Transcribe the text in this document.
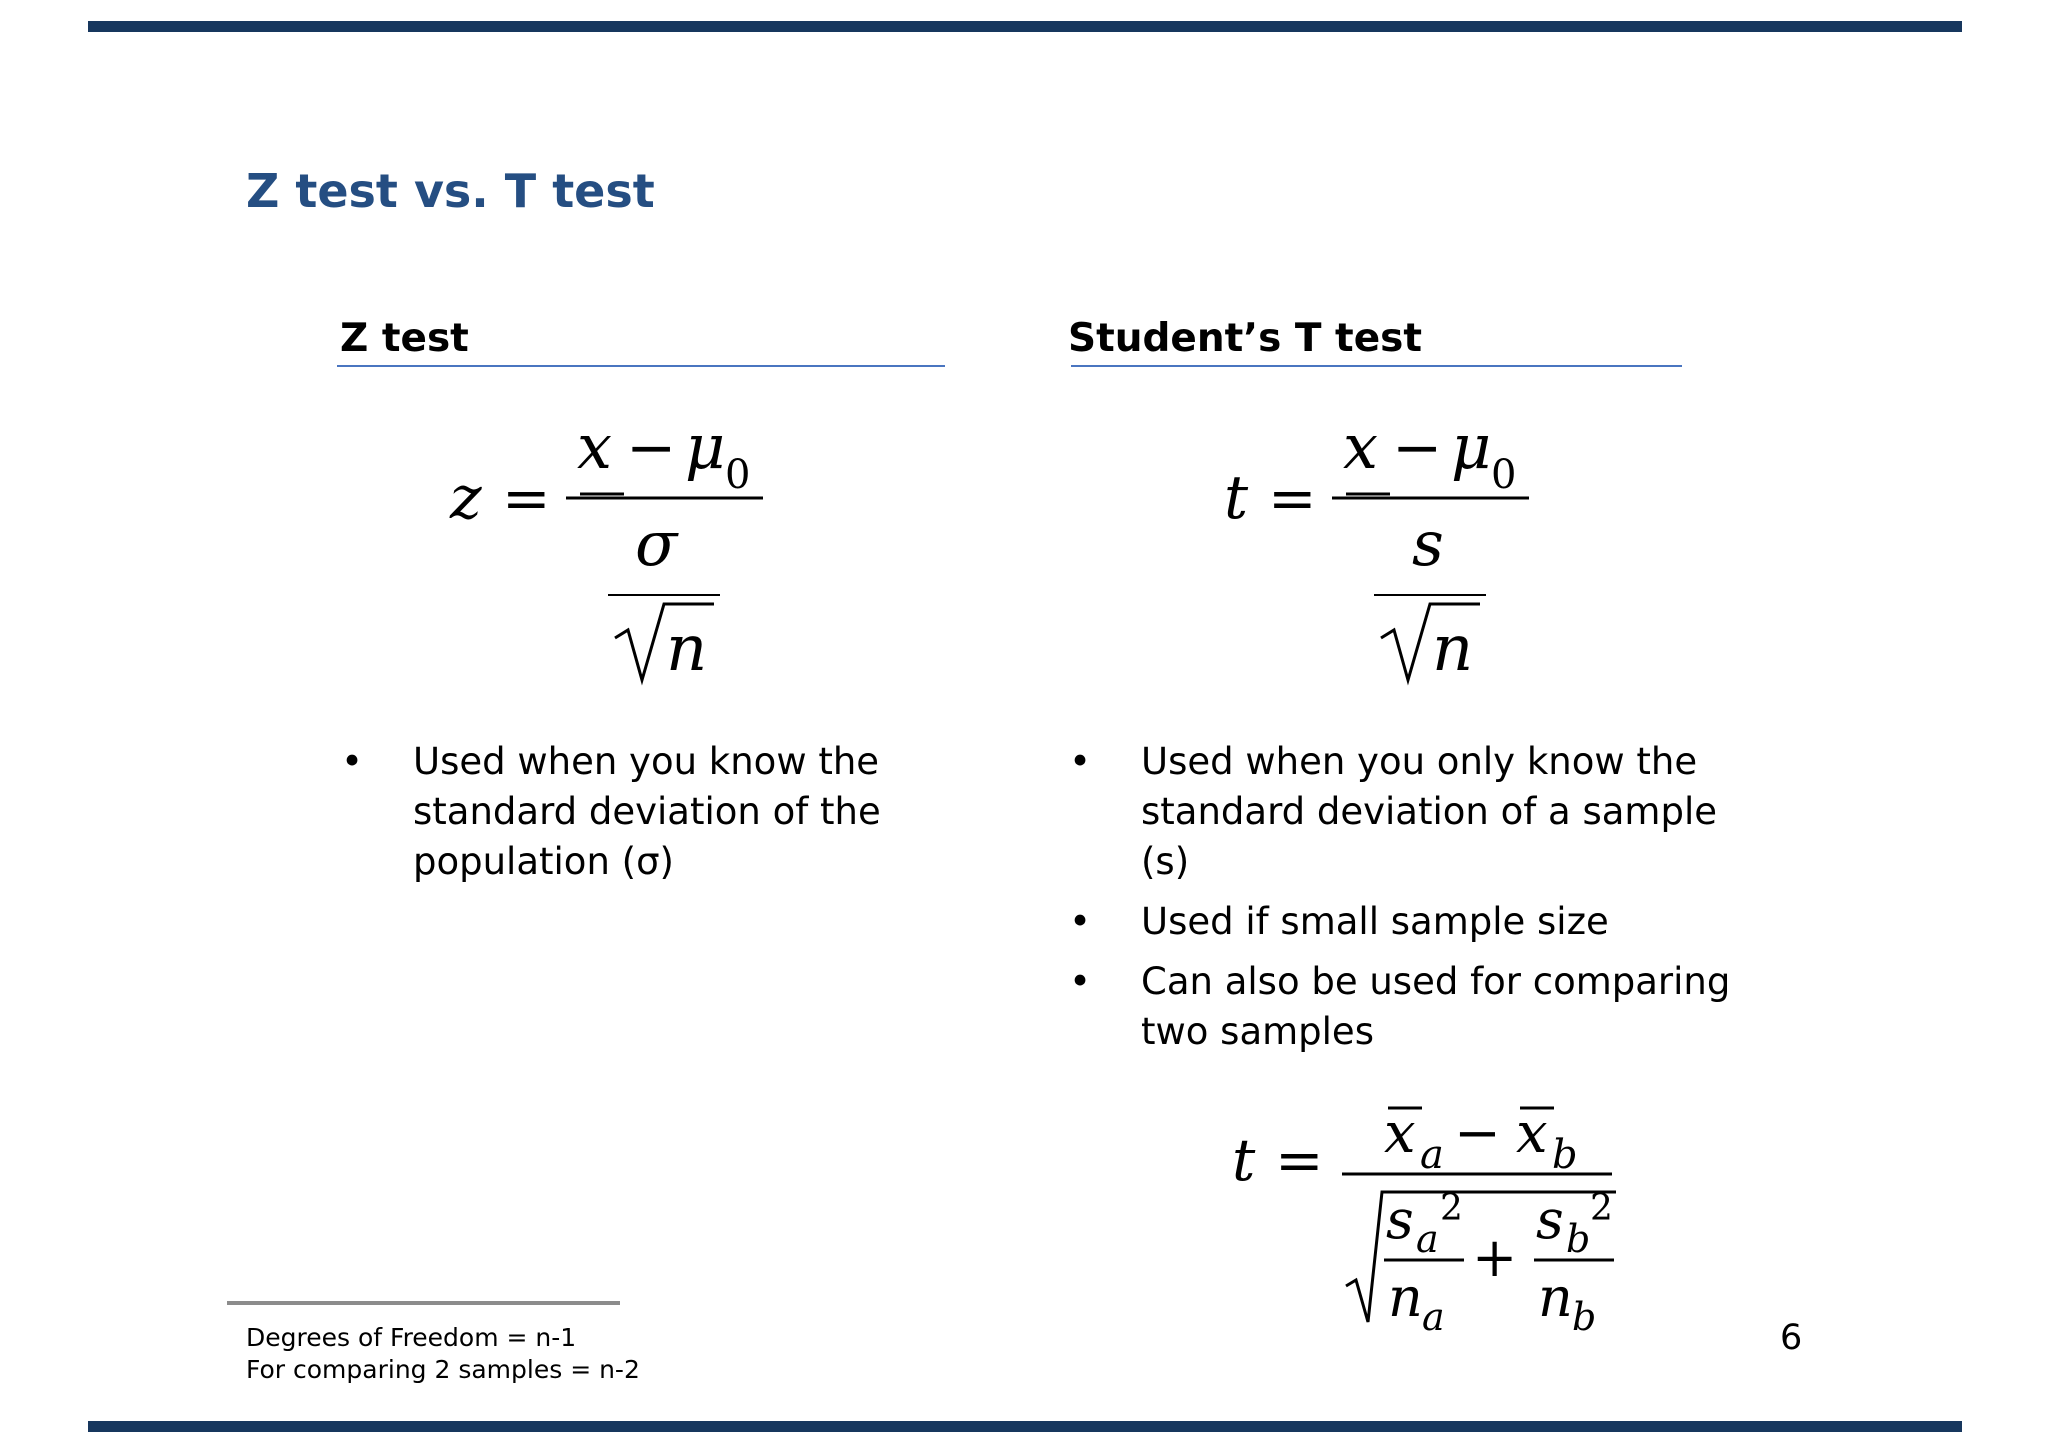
Z test vs. T test
Z test
z =
x − μ 0
σ
n
• Used when you know the
standard deviation of the
population (σ)
Student’s T test
t =
x − μ 0
s
n
• Used when you only know the
standard deviation of a sample
(s)
• Used if small sample size
• Can also be used for comparing
two samples
t = x a − x b
s a
2
n a
+
s b
2
n b
Degrees of Freedom = n-1
For comparing 2 samples = n-2
6
